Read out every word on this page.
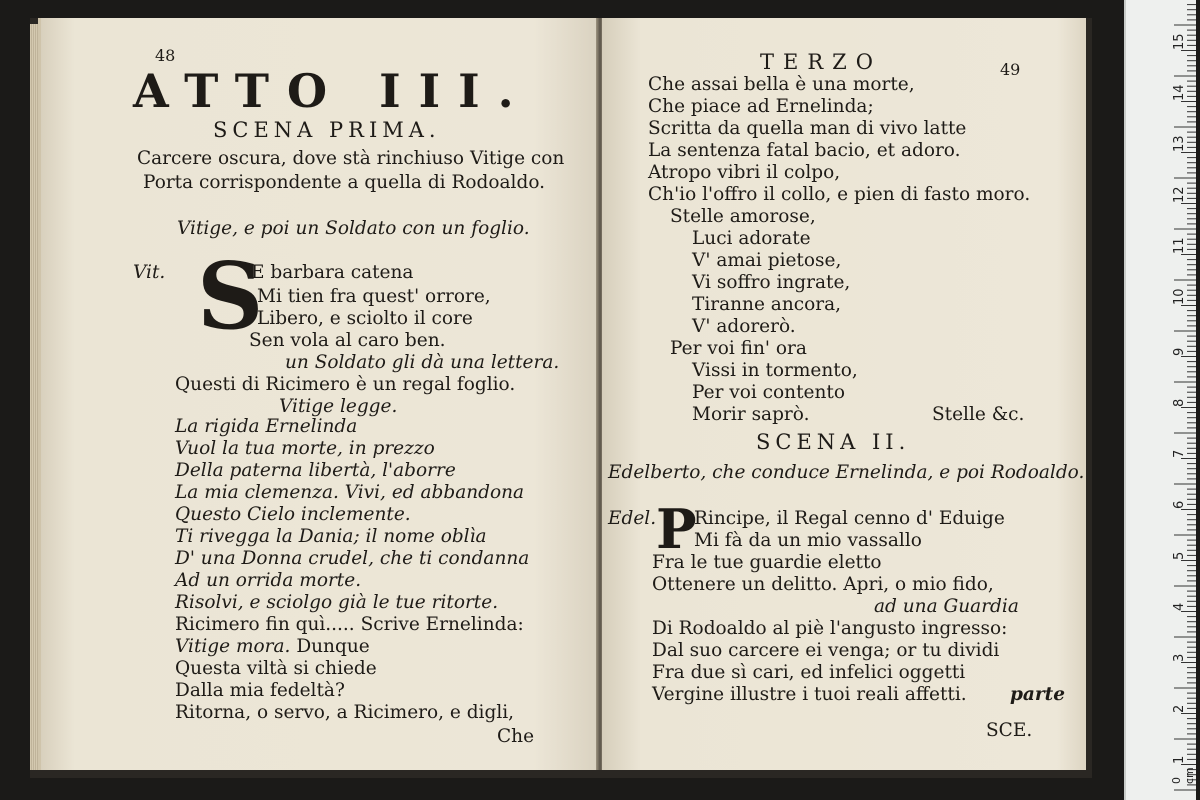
48
ATTO III.
SCENA PRIMA.
Carcere oscura, dove stà rinchiuso Vitige con
Porta corrispondente a quella di Rodoaldo.
Vitige, e poi un Soldato con un foglio.
Vit. S
E barbara catena
Mi tien fra quest' orrore,
Libero, e sciolto il core
Sen vola al caro ben.
un Soldato gli dà una lettera.
Questi di Ricimero è un regal foglio.
Vitige legge.
La rigida Ernelinda
Vuol la tua morte, in prezzo
Della paterna libertà, l'aborre
La mia clemenza. Vivi, ed abbandona
Questo Cielo inclemente.
Ti rivegga la Dania; il nome oblìa
D' una Donna crudel, che ti condanna
Ad un orrida morte.
Risolvi, e sciolgo già le tue ritorte.
Ricimero fin quì..... Scrive Ernelinda:
Vitige mora. Dunque
Questa viltà si chiede
Dalla mia fedeltà?
Ritorna, o servo, a Ricimero, e digli,
Che
TERZO	49
Che assai bella è una morte,
Che piace ad Ernelinda;
Scritta da quella man di vivo latte
La sentenza fatal bacio, et adoro.
Atropo vibri il colpo,
Ch'io l'offro il collo, e pien di fasto moro.
Stelle amorose,
Luci adorate
V' amai pietose,
Vi soffro ingrate,
Tiranne ancora,
V' adorerò.
Per voi fin' ora
Vissi in tormento,
Per voi contento
Morir saprò.	Stelle &c.
SCENA II.
Edelberto, che conduce Ernelinda, e poi Rodoaldo.
Edel. P
Rincipe, il Regal cenno d' Eduige
Mi fà da un mio vassallo
Fra le tue guardie eletto
Ottenere un delitto. Apri, o mio fido,
ad una Guardia
Di Rodoaldo al piè l'angusto ingresso:
Dal suo carcere ei venga; or tu dividi
Fra due sì cari, ed infelici oggetti
Vergine illustre i tuoi reali affetti. parte
SCE.
15
14
13
12
11
10
9
8
7
6
5
4
3
2
1
0 cm
